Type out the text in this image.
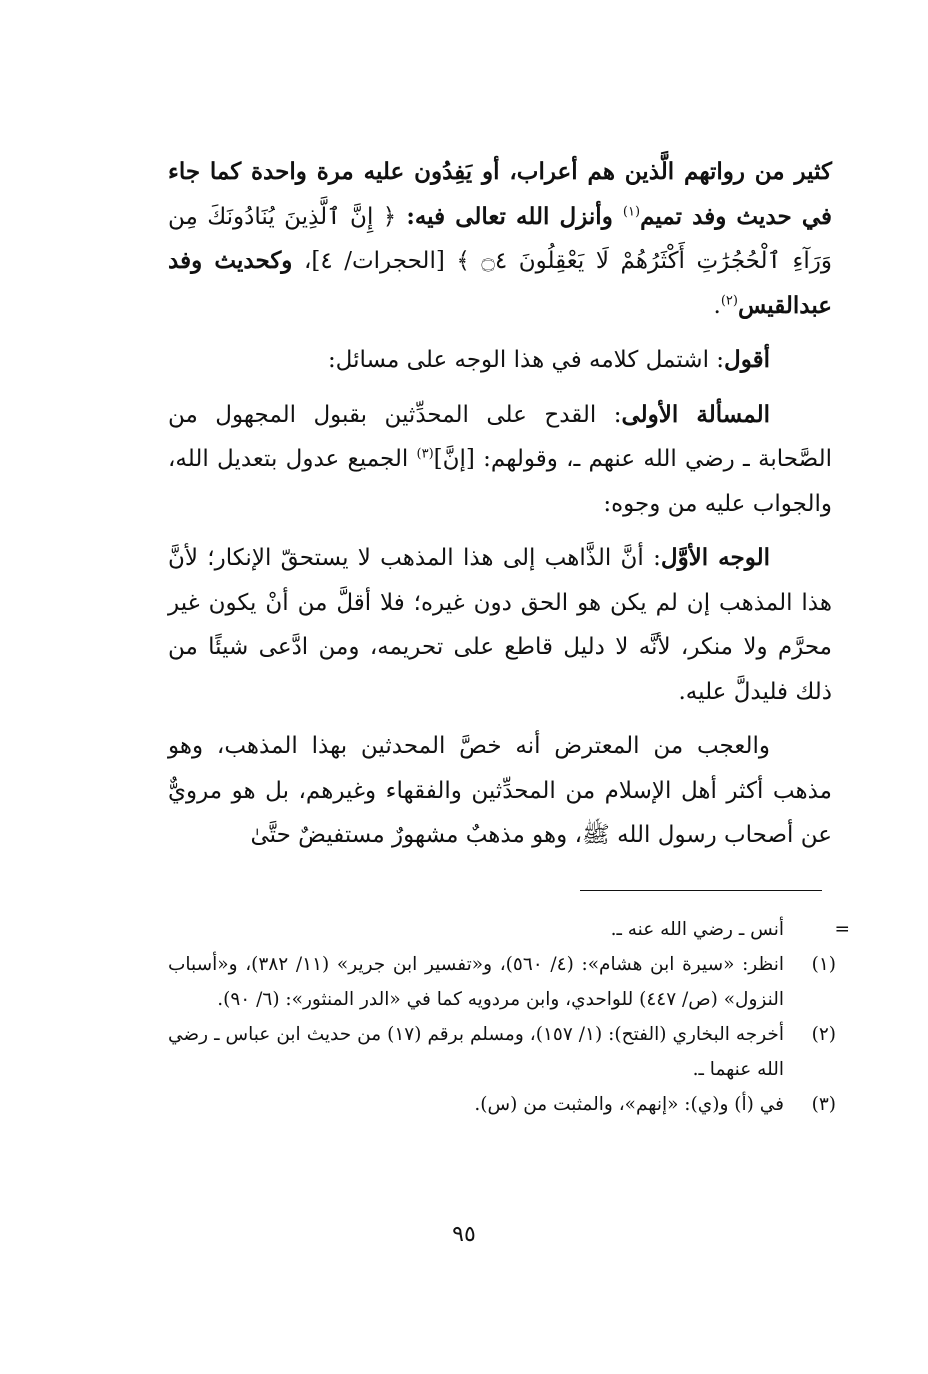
كثير من رواتهم الَّذين هم أعراب، أو يَفِدُون عليه مرة واحدة كما جاء في حديث وفد تميم$^{(١)}$ وأنزل الله تعالى فيه: ﴿ إِنَّ ٱلَّذِينَ يُنَادُونَكَ مِن وَرَآءِ ٱلْحُجُرَٰتِ أَكْثَرُهُمْ لَا يَعْقِلُونَ ۝٤ ﴾ [الحجرات/ ٤]، وكحديث وفد عبدالقيس$^{(٢)}$.

أقول: اشتمل كلامه في هذا الوجه على مسائل:

المسألة الأولى: القدح على المحدِّثين بقبول المجهول من الصَّحابة ـ رضي الله عنهم ـ، وقولهم: [إنَّ]$^{(٣)}$ الجميع عدول بتعديل الله، والجواب عليه من وجوه:

الوجه الأوَّل: أنَّ الذَّاهب إلى هذا المذهب لا يستحقّ الإنكار؛ لأنَّ هذا المذهب إن لم يكن هو الحق دون غيره؛ فلا أقلَّ من أنْ يكون غير محرَّم ولا منكر، لأنَّه لا دليل قاطع على تحريمه، ومن ادَّعى شيئًا من ذلك فليدلَّ عليه.

والعجب من المعترض أنه خصَّ المحدثين بهذا المذهب، وهو مذهب أكثر أهل الإسلام من المحدِّثين والفقهاء وغيرهم، بل هو مرويٌّ عن أصحاب رسول الله ﷺ، وهو مذهبٌ مشهورٌ مستفيضٌ حتَّىٰ

=
أنس ـ رضي الله عنه ـ.

(١)
انظر: «سيرة ابن هشام»: (٤/ ٥٦٠)، و«تفسير ابن جرير» (١١/ ٣٨٢)، و«أسباب النزول» (ص/ ٤٤٧) للواحدي، وابن مردويه كما في «الدر المنثور»: (٦/ ٩٠).

(٢)
أخرجه البخاري (الفتح): (١/ ١٥٧)، ومسلم برقم (١٧) من حديث ابن عباس ـ رضي الله عنهما ـ.

(٣)
في (أ) و(ي): «إنهم»، والمثبت من (س).

٩٥
